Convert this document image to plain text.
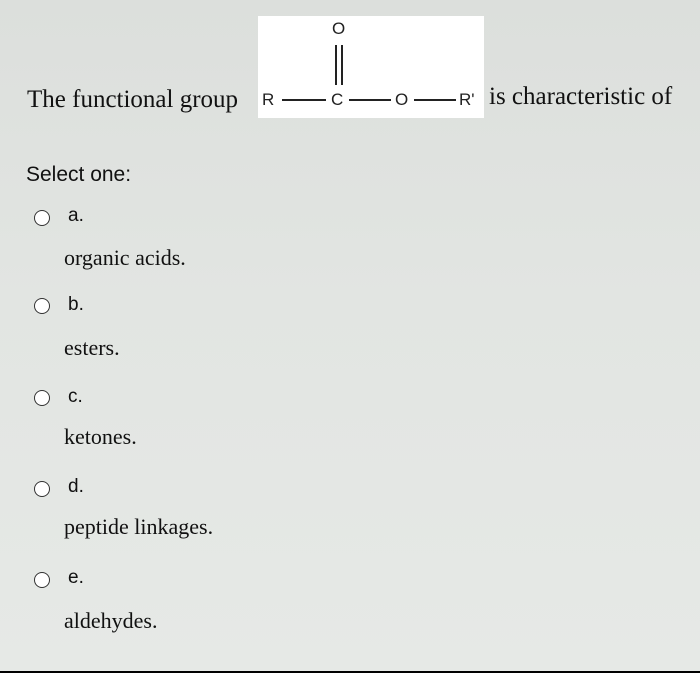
O
R	C	O	R'
The functional group	is characteristic of
Select one:
a.
organic acids.
b.
esters.
c.
ketones.
d.
peptide linkages.
e.
aldehydes.
